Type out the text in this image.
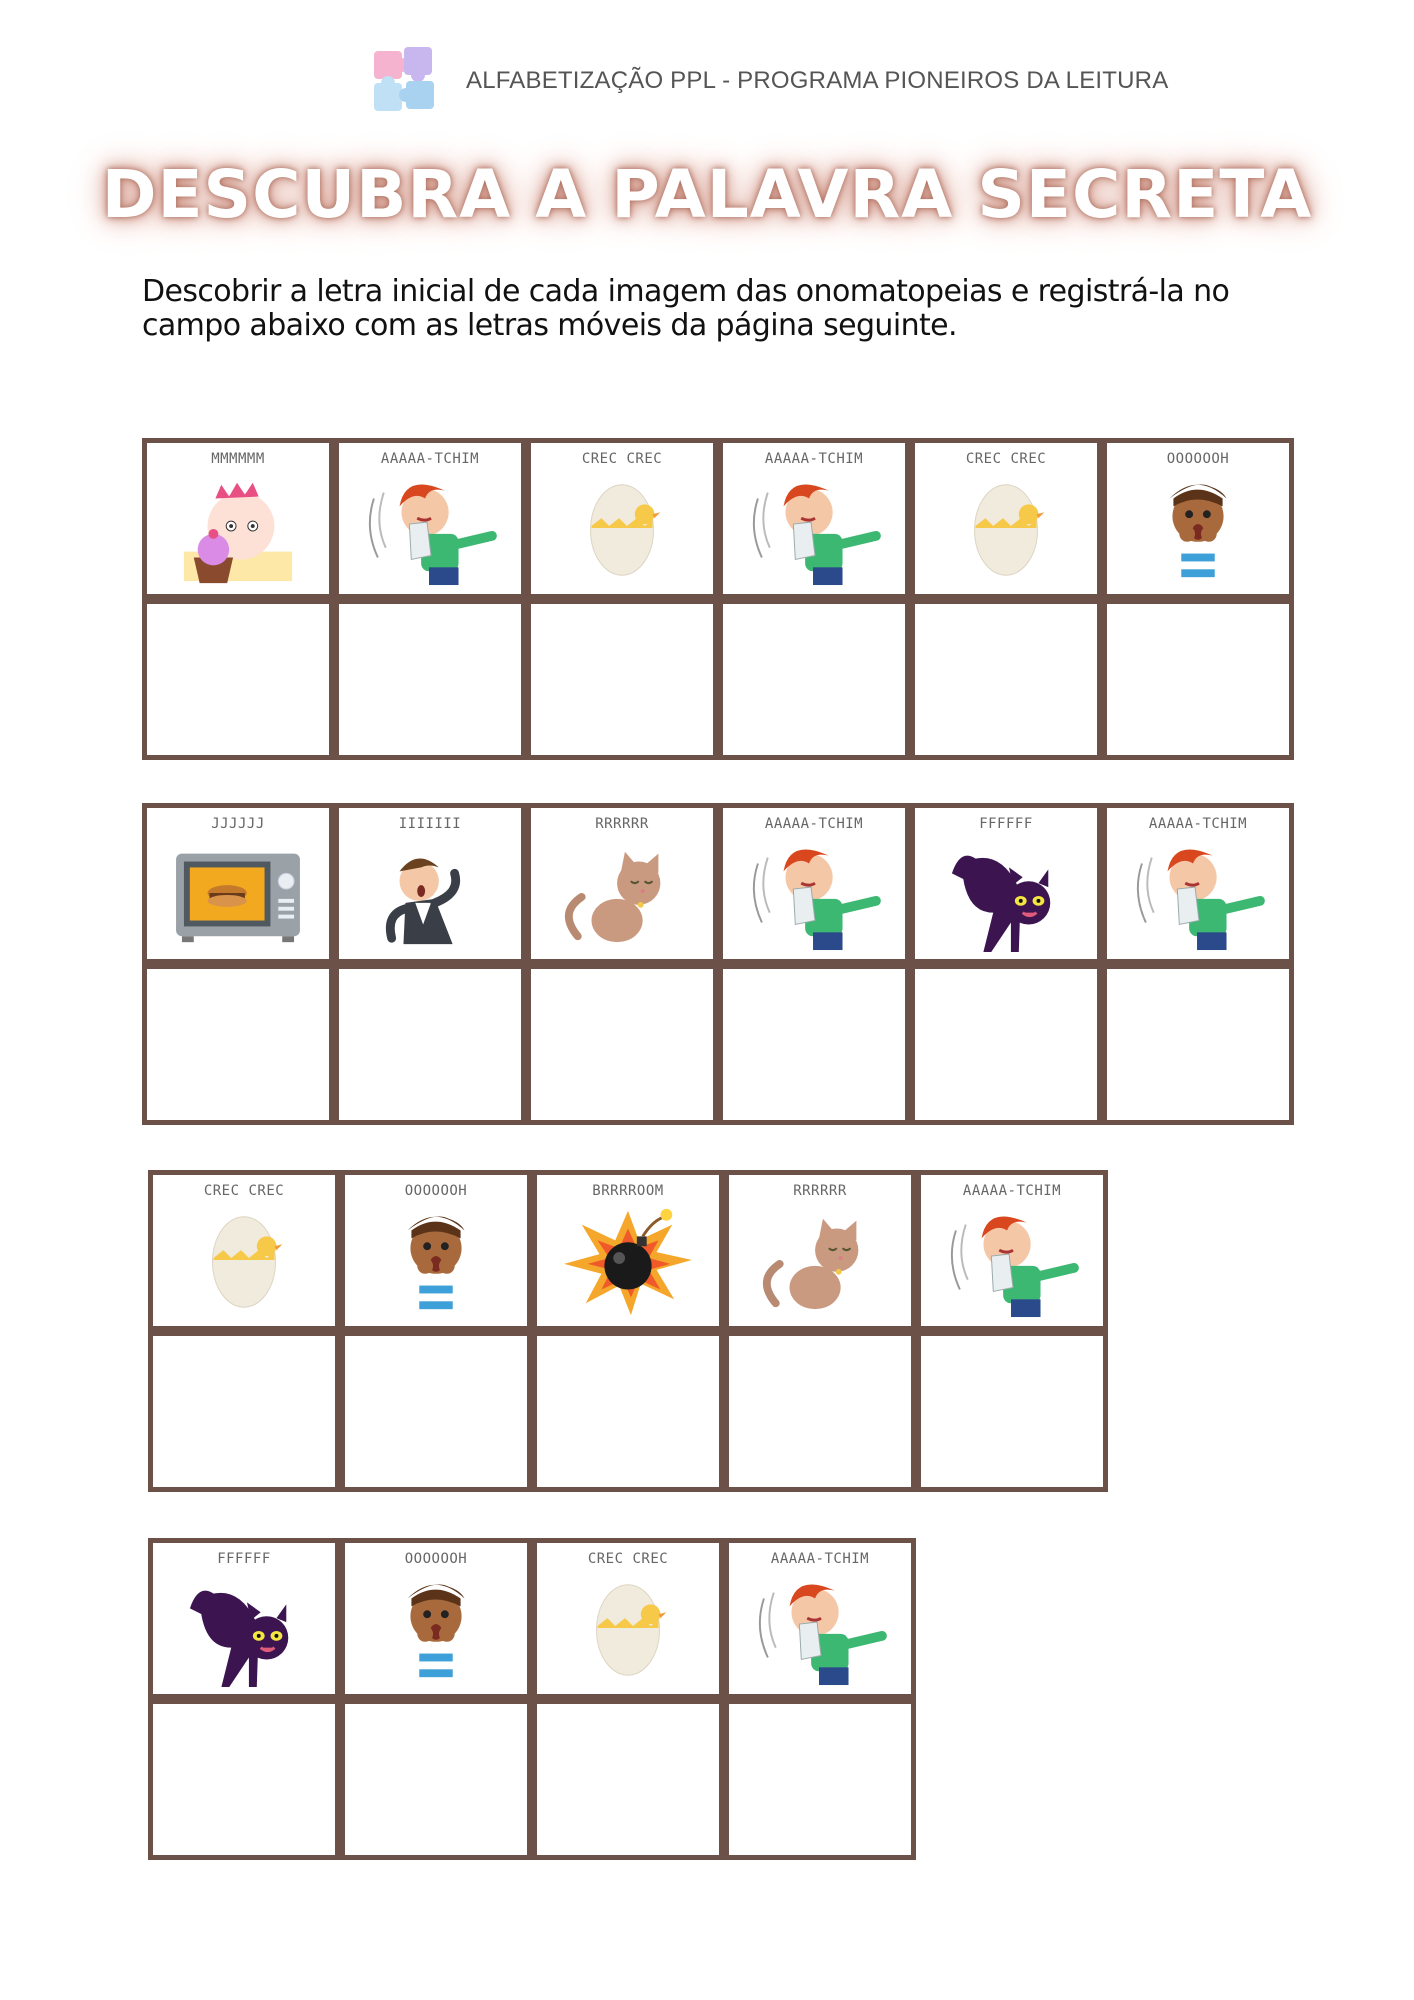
ALFABETIZAÇÃO PPL - PROGRAMA PIONEIROS DA LEITURA
DESCUBRA A PALAVRA SECRETA
Descobrir a letra inicial de cada imagem das onomatopeias e registrá-la no campo abaixo com as letras móveis da página seguinte.
MMMMMM	AAAAA-TCHIM	CREC CREC	AAAAA-TCHIM	CREC CREC	OOOOOOH
JJJJJJ	IIIIIII	RRRRRR	AAAAA-TCHIM	FFFFFF	AAAAA-TCHIM
CREC CREC	OOOOOOH	BRRRROOM	RRRRRR	AAAAA-TCHIM
FFFFFF	OOOOOOH	CREC CREC	AAAAA-TCHIM
